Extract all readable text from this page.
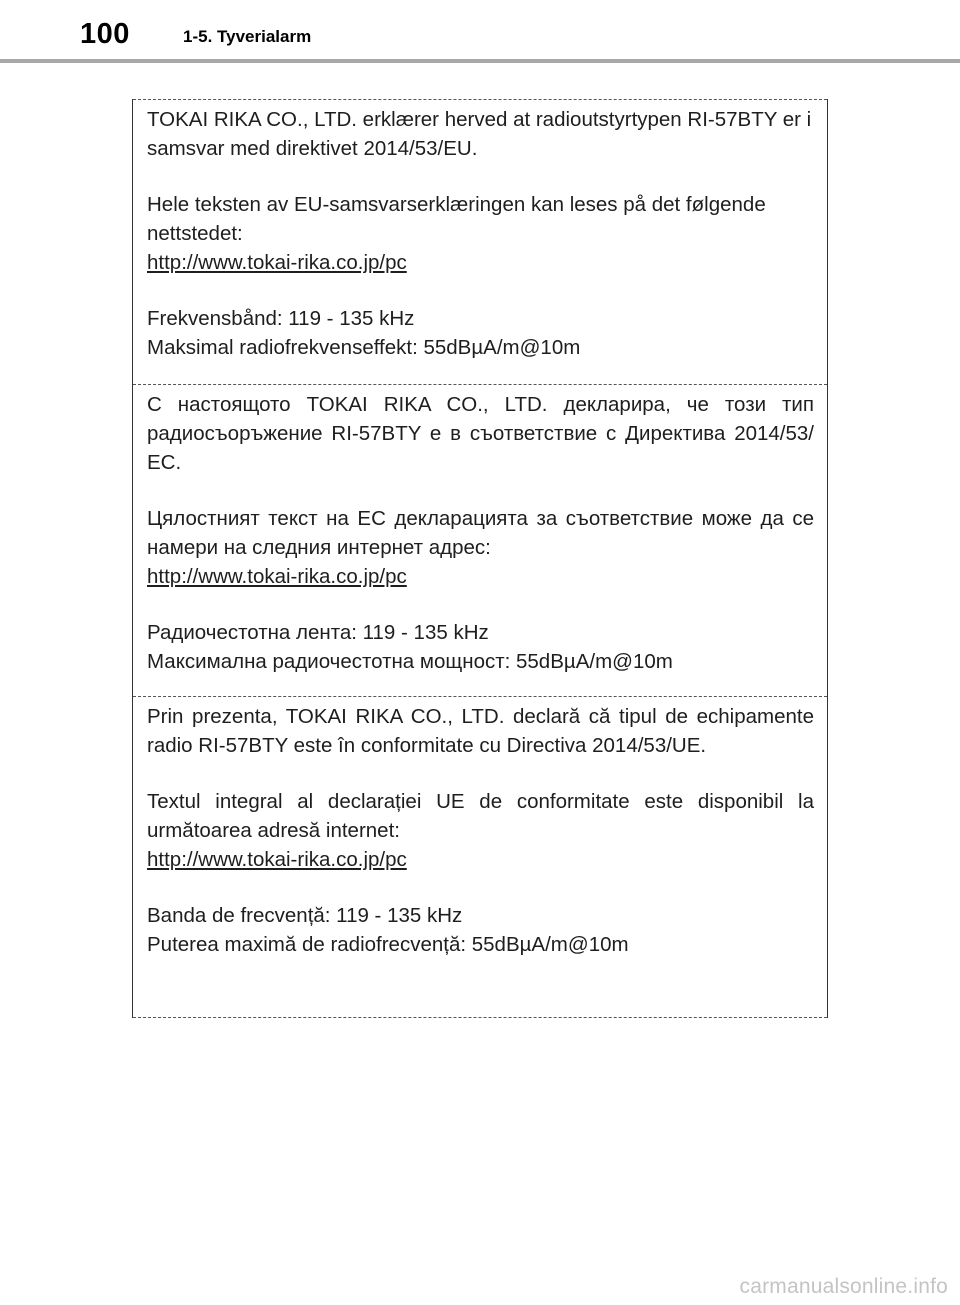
100	1-5. Tyverialarm

TOKAI RIKA CO., LTD. erklærer herved at radioutstyrtypen RI-57BTY er i samsvar med direktivet 2014/53/EU.

Hele teksten av EU-samsvarserklæringen kan leses på det følgende nettstedet:

http://www.tokai-rika.co.jp/pc

Frekvensbånd: 119 - 135 kHz

Maksimal radiofrekvenseffekt: 55dBµA/m@10m

С настоящото TOKAI RIKA CO., LTD. декларира, че този тип радиосъоръжение RI-57BTY е в съответствие с Директива 2014/53/ЕС.

Цялостният текст на ЕС декларацията за съответствие може да се намери на следния интернет адрес:

http://www.tokai-rika.co.jp/pc

Радиочестотна лента: 119 - 135 kHz

Максимална радиочестотна мощност: 55dBµA/m@10m

Prin prezenta, TOKAI RIKA CO., LTD. declară că tipul de echipamente radio RI-57BTY este în conformitate cu Directiva 2014/53/UE.

Textul integral al declarației UE de conformitate este disponibil la următoarea adresă internet:

http://www.tokai-rika.co.jp/pc

Banda de frecvență: 119 - 135 kHz

Puterea maximă de radiofrecvență: 55dBµA/m@10m

carmanualsonline.info
